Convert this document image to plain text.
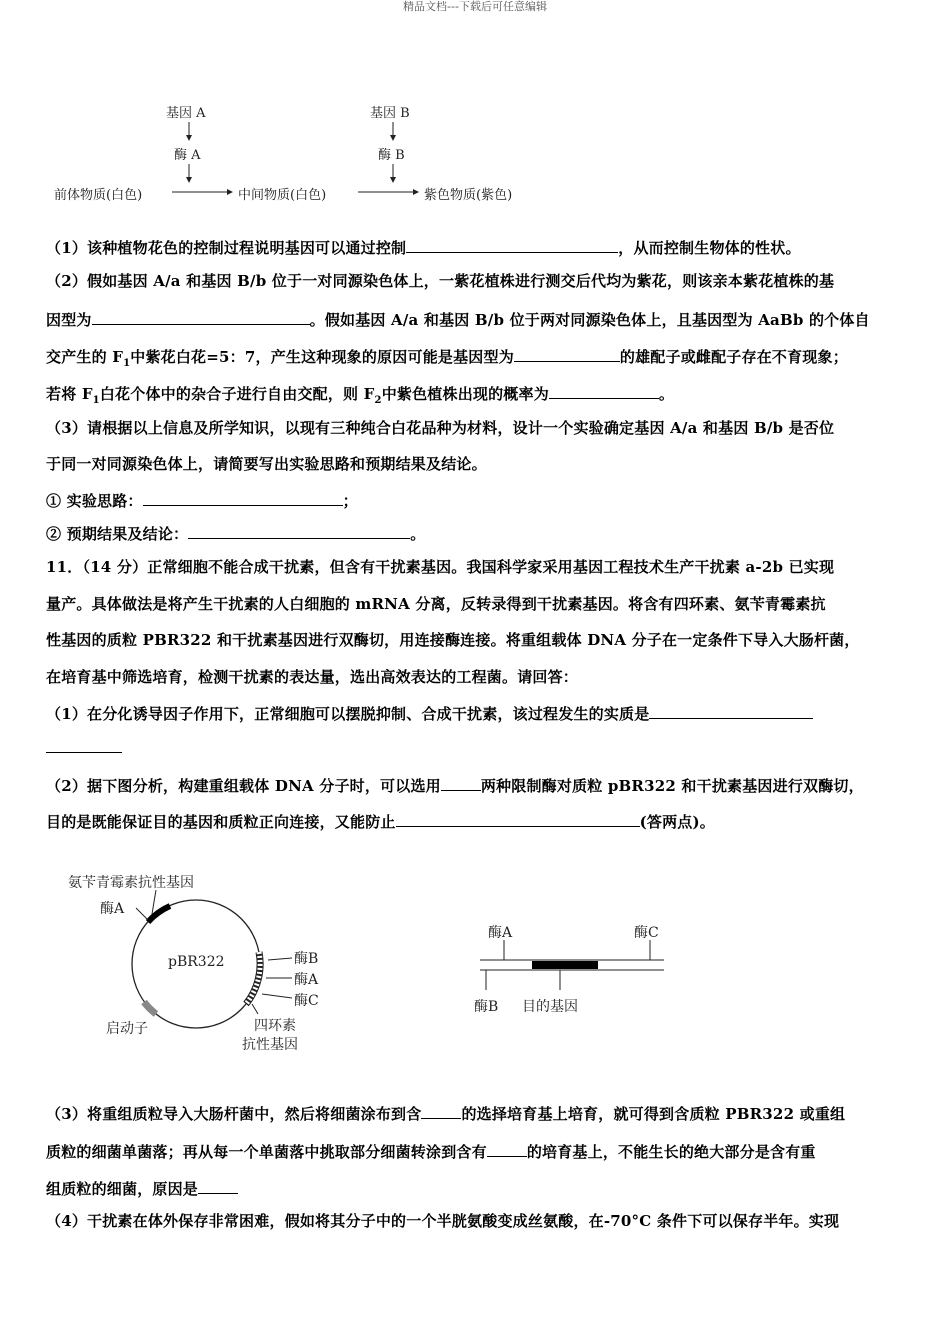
精品文档---下载后可任意编辑
基因 A	基因 B
酶 A	酶 B
前体物质(白色)	中间物质(白色)	紫色物质(紫色)
（1）该种植物花色的控制过程说明基因可以通过控制	，从而控制生物体的性状。
（2）假如基因 A/a 和基因 B/b 位于一对同源染色体上，一紫花植株进行测交后代均为紫花，则该亲本紫花植株的基
因型为	。假如基因 A/a 和基因 B/b 位于两对同源染色体上，且基因型为 AaBb 的个体自
交产生的 $F_1$中紫花白花=5：7，产生这种现象的原因可能是基因型为	的雄配子或雌配子存在不育现象；
若将 $F_1$白花个体中的杂合子进行自由交配，则 $F_2$中紫色植株出现的概率为	。
（3）请根据以上信息及所学知识，以现有三种纯合白花品种为材料，设计一个实验确定基因 A/a 和基因 B/b 是否位
于同一对同源染色体上，请简要写出实验思路和预期结果及结论。
① 实验思路：	；
② 预期结果及结论：	。
11．（14 分）正常细胞不能合成干扰素，但含有干扰素基因。我国科学家采用基因工程技术生产干扰素 a-2b 已实现
量产。具体做法是将产生干扰素的人白细胞的 mRNA 分离，反转录得到干扰素基因。将含有四环素、氨苄青霉素抗
性基因的质粒 PBR322 和干扰素基因进行双酶切，用连接酶连接。将重组载体 DNA 分子在一定条件下导入大肠杆菌，
在培育基中筛选培育，检测干扰素的表达量，选出高效表达的工程菌。请回答：
（1）在分化诱导因子作用下，正常细胞可以摆脱抑制、合成干扰素，该过程发生的实质是
（2）据下图分析，构建重组载体 DNA 分子时，可以选用	两种限制酶对质粒 pBR322 和干扰素基因进行双酶切，
目的是既能保证目的基因和质粒正向连接，又能防止	(答两点)。
氨苄青霉素抗性基因
酶A
pBR322	酶B
酶A
酶C
启动子	四环素
抗性基因
酶A	酶C
酶B 目的基因
（3）将重组质粒导入大肠杆菌中，然后将细菌涂布到含	的选择培育基上培育，就可得到含质粒 PBR322 或重组
质粒的细菌单菌落；再从每一个单菌落中挑取部分细菌转涂到含有	的培育基上，不能生长的绝大部分是含有重
组质粒的细菌，原因是
（4）干扰素在体外保存非常困难，假如将其分子中的一个半胱氨酸变成丝氨酸，在-70°C 条件下可以保存半年。实现
